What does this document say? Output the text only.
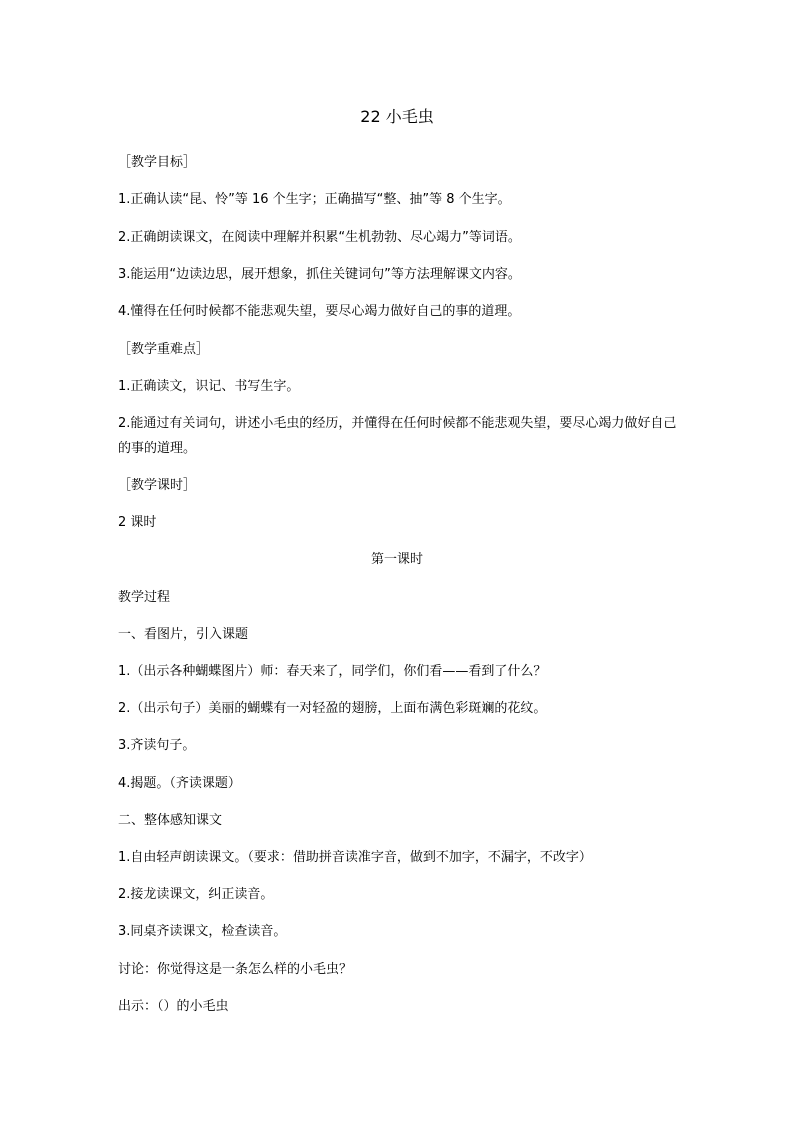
22 小毛虫
［教学目标］
1.正确认读“昆、怜”等 16 个生字；正确描写“整、抽”等 8 个生字。
2.正确朗读课文，在阅读中理解并积累“生机勃勃、尽心竭力”等词语。
3.能运用“边读边思，展开想象，抓住关键词句”等方法理解课文内容。
4.懂得在任何时候都不能悲观失望，要尽心竭力做好自己的事的道理。
［教学重难点］
1.正确读文，识记、书写生字。
2.能通过有关词句，讲述小毛虫的经历，并懂得在任何时候都不能悲观失望，要尽心竭力做好自己的事的道理。
［教学课时］
2 课时
第一课时
教学过程
一、看图片，引入课题
1.（出示各种蝴蝶图片）师：春天来了，同学们，你们看——看到了什么？
2.（出示句子）美丽的蝴蝶有一对轻盈的翅膀，上面布满色彩斑斓的花纹。
3.齐读句子。
4.揭题。（齐读课题）
二、整体感知课文
1.自由轻声朗读课文。（要求：借助拼音读准字音，做到不加字，不漏字，不改字）
2.接龙读课文，纠正读音。
3.同桌齐读课文，检查读音。
讨论：你觉得这是一条怎么样的小毛虫？
出示：（）的小毛虫
